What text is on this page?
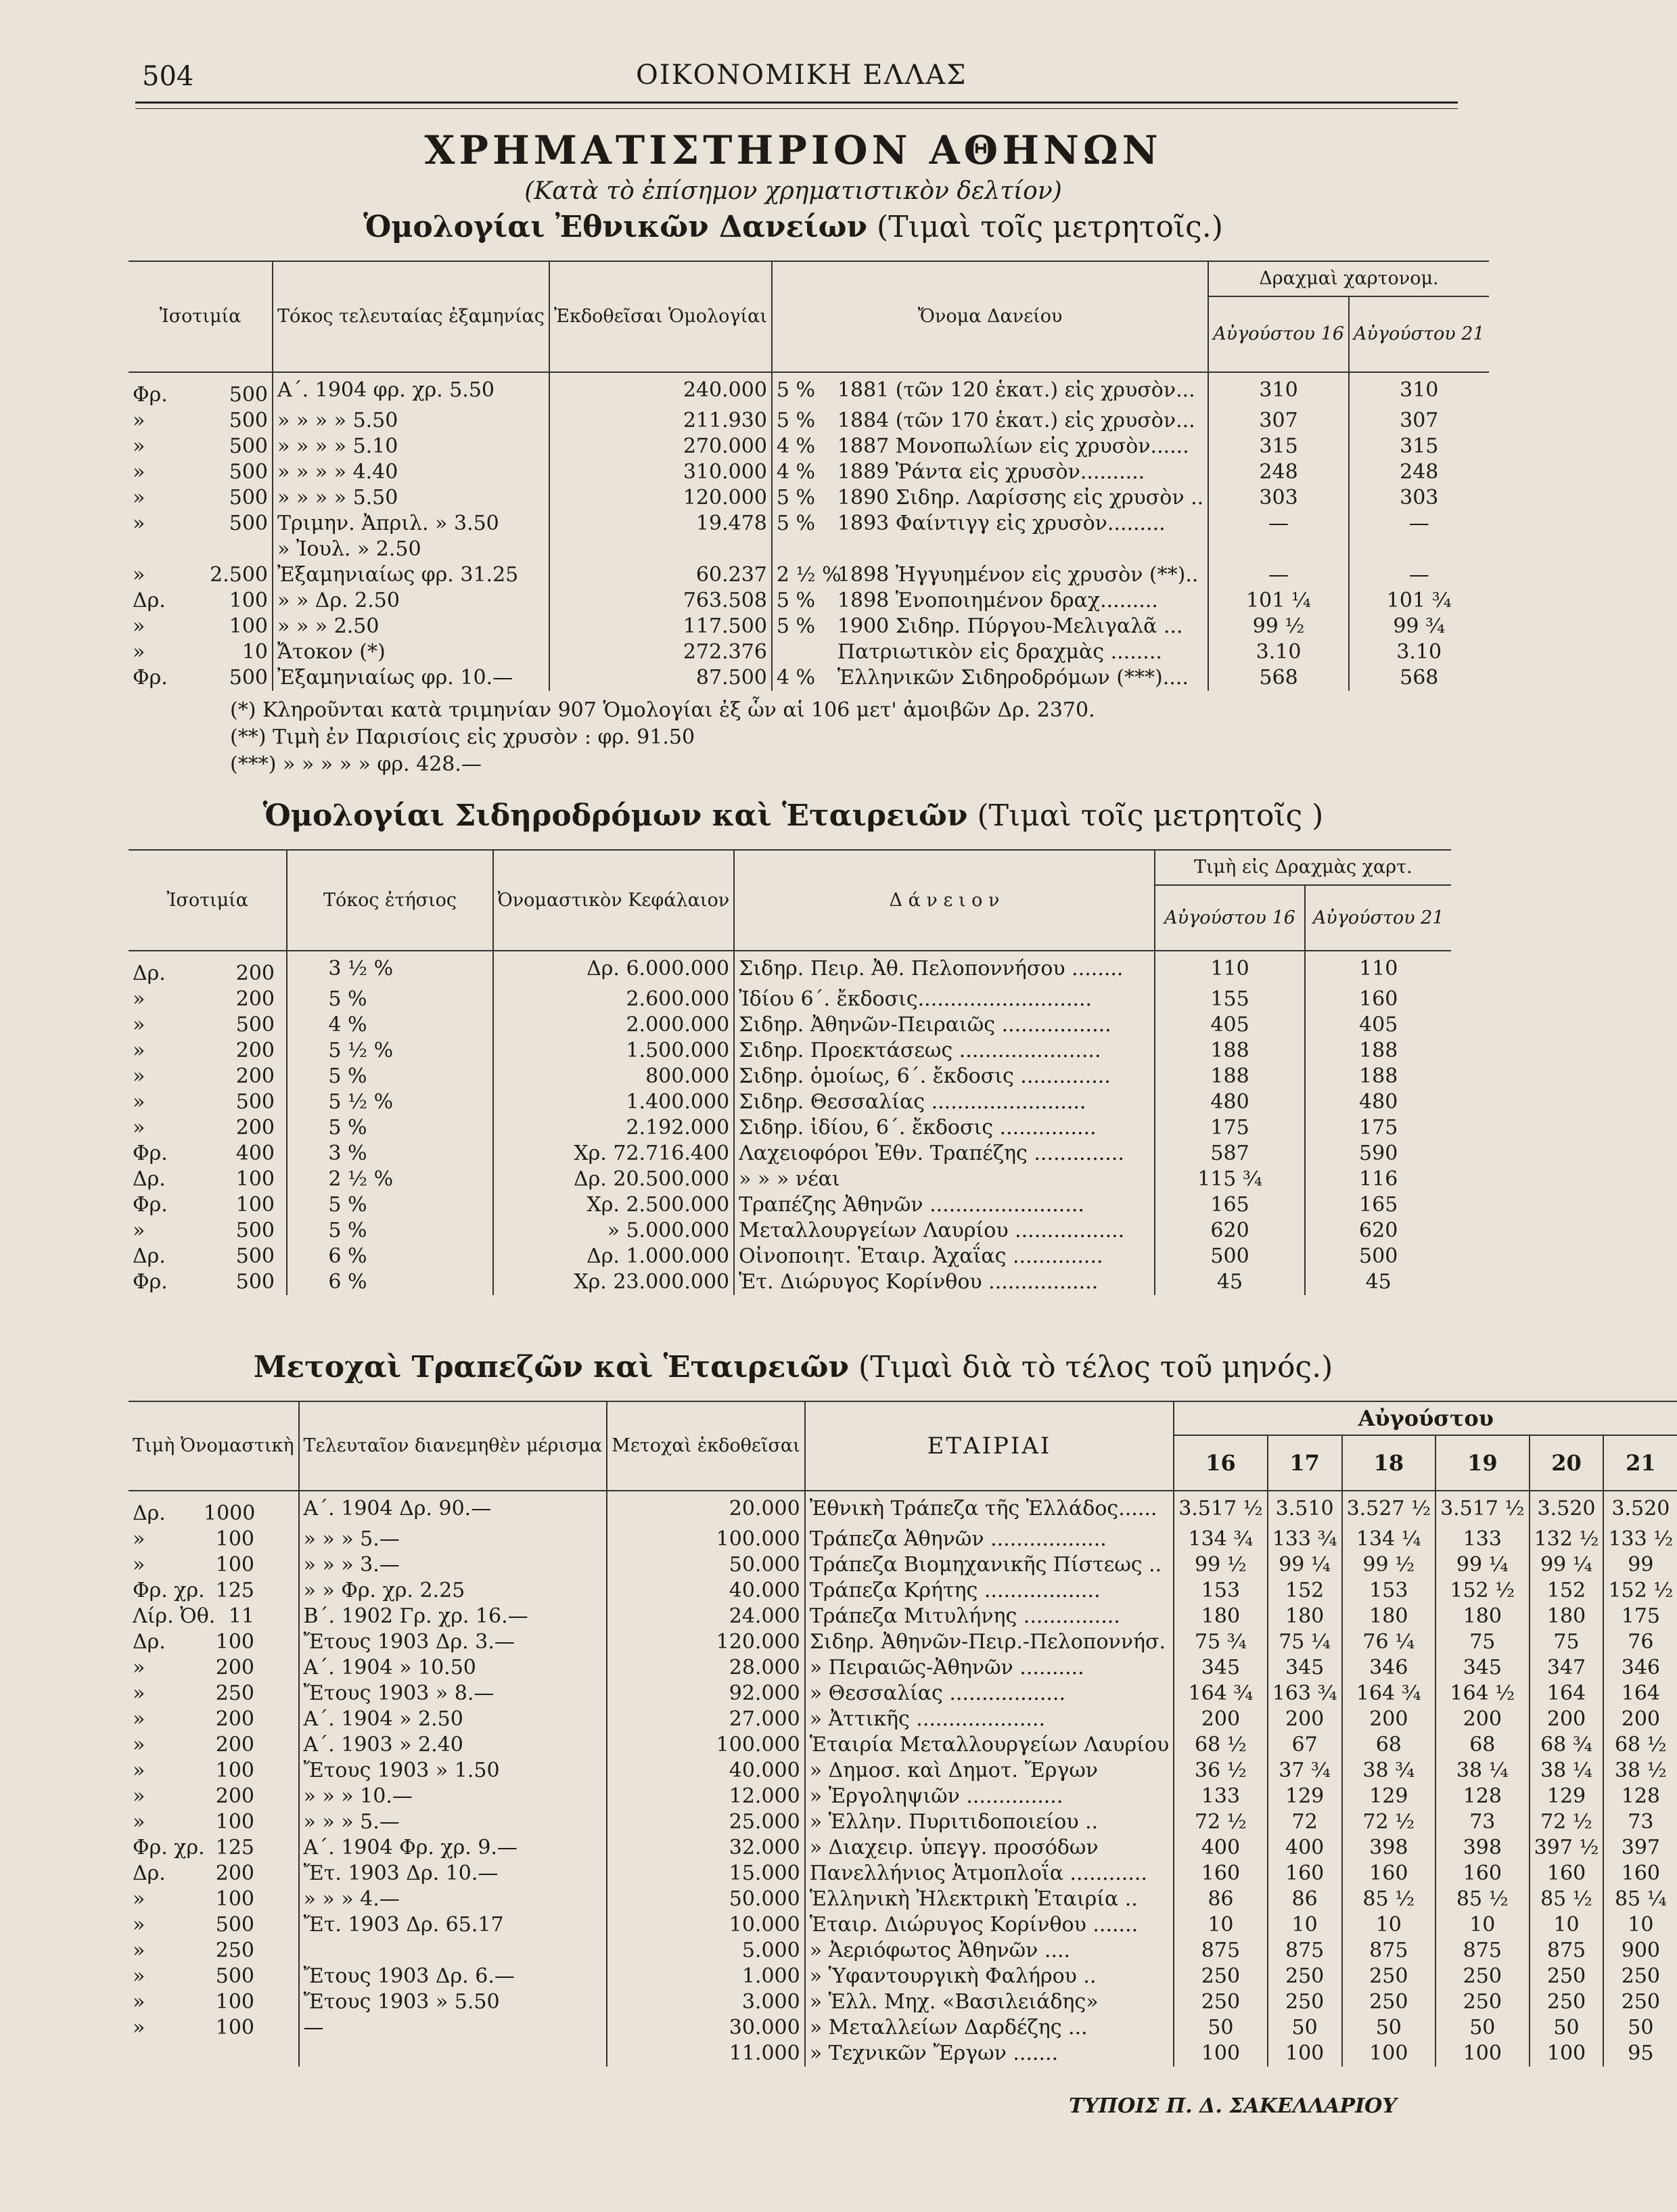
504	ΟΙΚΟΝΟΜΙΚΗ ΕΛΛΑΣ
ΧΡΗΜΑΤΙΣΤΗΡΙΟΝ ΑΘΗΝΩΝ
(Κατὰ τὸ ἐπίσημον χρηματιστικὸν δελτίον)
Ὁμολογίαι Ἐθνικῶν Δανείων (Τιμαὶ τοῖς μετρητοῖς.)
Ἰσοτιμία	Τόκος τελευταίας ἐξαμηνίας	Ἐκδοθεῖσαι Ὁμολογίαι	Ὄνομα Δανείου	Δραχμαὶ χαρτονομ.	
				Αὐγούστου 16	Αὐγούστου 21
Φρ. 500	Α΄. 1904 φρ. χρ. 5.50	240.000	5 % 1881 (τῶν 120 ἑκατ.) εἰς χρυσὸν...	310	310
» 500	» » » » 5.50	211.930	5 % 1884 (τῶν 170 ἑκατ.) εἰς χρυσὸν...	307	307
» 500	» » » » 5.10	270.000	4 % 1887 Μονοπωλίων εἰς χρυσὸν......	315	315
» 500	» » » » 4.40	310.000	4 % 1889 Ῥάντα εἰς χρυσὸν..........	248	248
» 500	» » » » 5.50	120.000	5 % 1890 Σιδηρ. Λαρίσσης εἰς χρυσὸν ..	303	303
» 500	Τριμην. Ἀπριλ. » 3.50	19.478	5 % 1893 Φαίντιγγ εἰς χρυσὸν.........	—	—
	» Ἰουλ. » 2.50				
» 2.500	Ἐξαμηνιαίως φρ. 31.25	60.237	2 ½ %1898 Ἠγγυημένον εἰς χρυσὸν (**)..	—	—
Δρ. 100	» » Δρ. 2.50	763.508	5 % 1898 Ἑνοποιημένον δραχ.........	101 ¼	101 ¾
» 100	» » » 2.50	117.500	5 % 1900 Σιδηρ. Πύργου-Μελιγαλᾶ ...	99 ½	99 ¾
» 10	Ἄτοκον (*)	272.376	Πατριωτικὸν εἰς δραχμὰς ........	3.10	3.10
Φρ. 500	Ἐξαμηνιαίως φρ. 10.—	87.500	4 % Ἑλληνικῶν Σιδηροδρόμων (***)....	568	568
(*) Κληροῦνται κατὰ τριμηνίαν 907 Ὁμολογίαι ἐξ ὧν αἱ 106 μετ' ἀμοιβῶν Δρ. 2370.
(**) Τιμὴ ἐν Παρισίοις εἰς χρυσὸν : φρ. 91.50
(***) » » » » » φρ. 428.—
Ὁμολογίαι Σιδηροδρόμων καὶ Ἑταιρειῶν (Τιμαὶ τοῖς μετρητοῖς )
Ἰσοτιμία	Τόκος ἐτήσιος	Ὀνομαστικὸν Κεφάλαιον	Δ ά ν ε ι ο ν	Τιμὴ εἰς Δραχμὰς χαρτ.	
				Αὐγούστου 16	Αὐγούστου 21
Δρ. 200	3 ½ %	Δρ. 6.000.000	Σιδηρ. Πειρ. Ἀθ. Πελοποννήσου ........	110	110
» 200	5 %	2.600.000	Ἰδίου 6΄. ἔκδοσις...........................	155	160
» 500	4 %	2.000.000	Σιδηρ. Ἀθηνῶν-Πειραιῶς .................	405	405
» 200	5 ½ %	1.500.000	Σιδηρ. Προεκτάσεως ......................	188	188
» 200	5 %	800.000	Σιδηρ. ὁμοίως, 6΄. ἔκδοσις ..............	188	188
» 500	5 ½ %	1.400.000	Σιδηρ. Θεσσαλίας ........................	480	480
» 200	5 %	2.192.000	Σιδηρ. ἰδίου, 6΄. ἔκδοσις ...............	175	175
Φρ. 400	3 %	Χρ. 72.716.400	Λαχειοφόροι Ἐθν. Τραπέζης ..............	587	590
Δρ. 100	2 ½ %	Δρ. 20.500.000	» » » νέαι	115 ¾	116
Φρ. 100	5 %	Χρ. 2.500.000	Τραπέζης Ἀθηνῶν ........................	165	165
» 500	5 %	» 5.000.000	Μεταλλουργείων Λαυρίου .................	620	620
Δρ. 500	6 %	Δρ. 1.000.000	Οἰνοποιητ. Ἑταιρ. Ἀχαΐας ..............	500	500
Φρ. 500	6 %	Χρ. 23.000.000	Ἑτ. Διώρυγος Κορίνθου .................	45	45
Μετοχαὶ Τραπεζῶν καὶ Ἑταιρειῶν (Τιμαὶ διὰ τὸ τέλος τοῦ μηνός.)
Τιμὴ Ὀνομαστικὴ	Τελευταῖον διανεμηθὲν μέρισμα	Μετοχαὶ ἐκδοθεῖσαι	ΕΤΑΙΡΙΑΙ	Αὐγούστου					
				16	17	18	19	20	21
Δρ. 1000	Α΄. 1904 Δρ. 90.—	20.000	Ἐθνικὴ Τράπεζα τῆς Ἑλλάδος......	3.517 ½	3.510	3.527 ½	3.517 ½	3.520	3.520
» 100	» » » 5.—	100.000	Τράπεζα Ἀθηνῶν ..................	134 ¾	133 ¾	134 ¼	133	132 ½	133 ½
» 100	» » » 3.—	50.000	Τράπεζα Βιομηχανικῆς Πίστεως ..	99 ½	99 ¼	99 ½	99 ¼	99 ¼	99
Φρ. χρ. 125	» » Φρ. χρ. 2.25	40.000	Τράπεζα Κρήτης ..................	153	152	153	152 ½	152	152 ½
Λίρ. Ὀθ. 11	Β΄. 1902 Γρ. χρ. 16.—	24.000	Τράπεζα Μιτυλήνης ...............	180	180	180	180	180	175
Δρ. 100	Ἔτους 1903 Δρ. 3.—	120.000	Σιδηρ. Ἀθηνῶν-Πειρ.-Πελοποννήσ.	75 ¾	75 ¼	76 ¼	75	75	76
» 200	Α΄. 1904 » 10.50	28.000	» Πειραιῶς-Ἀθηνῶν ..........	345	345	346	345	347	346
» 250	Ἔτους 1903 » 8.—	92.000	» Θεσσαλίας ..................	164 ¾	163 ¾	164 ¾	164 ½	164	164
» 200	Α΄. 1904 » 2.50	27.000	» Ἀττικῆς ....................	200	200	200	200	200	200
» 200	Α΄. 1903 » 2.40	100.000	Ἑταιρία Μεταλλουργείων Λαυρίου	68 ½	67	68	68	68 ¾	68 ½
» 100	Ἔτους 1903 » 1.50	40.000	» Δημοσ. καὶ Δημοτ. Ἔργων	36 ½	37 ¾	38 ¾	38 ¼	38 ¼	38 ½
» 200	» » » 10.—	12.000	» Ἐργοληψιῶν ...............	133	129	129	128	129	128
» 100	» » » 5.—	25.000	» Ἑλλην. Πυριτιδοποιείου ..	72 ½	72	72 ½	73	72 ½	73
Φρ. χρ. 125	Α΄. 1904 Φρ. χρ. 9.—	32.000	» Διαχειρ. ὑπεγγ. προσόδων	400	400	398	398	397 ½	397
Δρ. 200	Ἔτ. 1903 Δρ. 10.—	15.000	Πανελλήνιος Ἀτμοπλοΐα ............	160	160	160	160	160	160
» 100	» » » 4.—	50.000	Ἑλληνικὴ Ἠλεκτρικὴ Ἑταιρία ..	86	86	85 ½	85 ½	85 ½	85 ¼
» 500	Ἔτ. 1903 Δρ. 65.17	10.000	Ἑταιρ. Διώρυγος Κορίνθου .......	10	10	10	10	10	10
» 250		5.000	» Ἀεριόφωτος Ἀθηνῶν ....	875	875	875	875	875	900
» 500	Ἔτους 1903 Δρ. 6.—	1.000	» Ὑφαντουργικὴ Φαλήρου ..	250	250	250	250	250	250
» 100	Ἔτους 1903 » 5.50	3.000	» Ἑλλ. Μηχ. «Βασιλειάδης»	250	250	250	250	250	250
» 100	—	30.000	» Μεταλλείων Δαρδέζης ...	50	50	50	50	50	50
		11.000	» Τεχνικῶν Ἔργων .......	100	100	100	100	100	95
ΤΥΠΟΙΣ Π. Δ. ΣΑΚΕΛΛΑΡΙΟΥ
